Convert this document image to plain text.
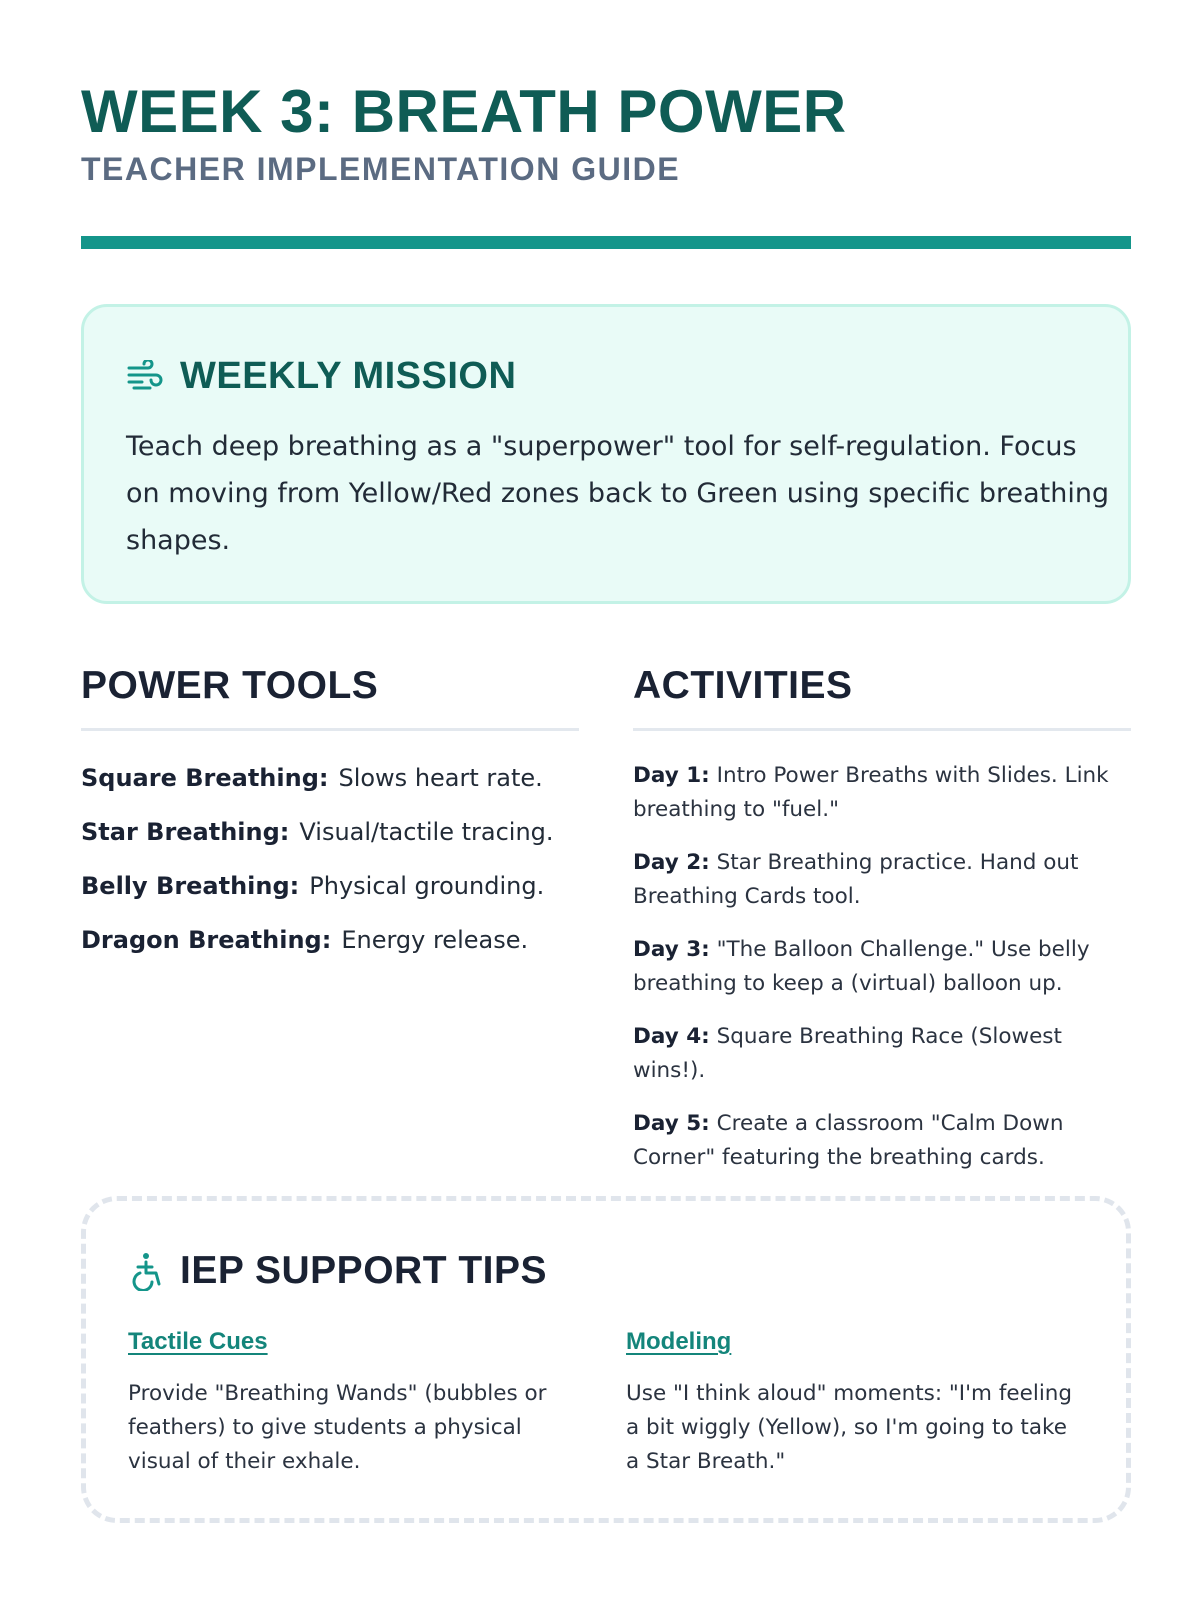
WEEK 3: BREATH POWER
TEACHER IMPLEMENTATION GUIDE
WEEKLY MISSION

Teach deep breathing as a "superpower" tool for self-regulation. Focus on moving from Yellow/Red zones back to Green using specific breathing shapes.

POWER TOOLS
Square Breathing: Slows heart rate.
Star Breathing: Visual/tactile tracing.
Belly Breathing: Physical grounding.
Dragon Breathing: Energy release.
ACTIVITIES
Day 1: Intro Power Breaths with Slides. Link breathing to "fuel."
Day 2: Star Breathing practice. Hand out Breathing Cards tool.
Day 3: "The Balloon Challenge." Use belly breathing to keep a (virtual) balloon up.
Day 4: Square Breathing Race (Slowest wins!).
Day 5: Create a classroom "Calm Down Corner" featuring the breathing cards.
IEP SUPPORT TIPS
Tactile Cues

Provide "Breathing Wands" (bubbles or feathers) to give students a physical visual of their exhale.

Modeling

Use "I think aloud" moments: "I'm feeling a bit wiggly (Yellow), so I'm going to take a Star Breath."
